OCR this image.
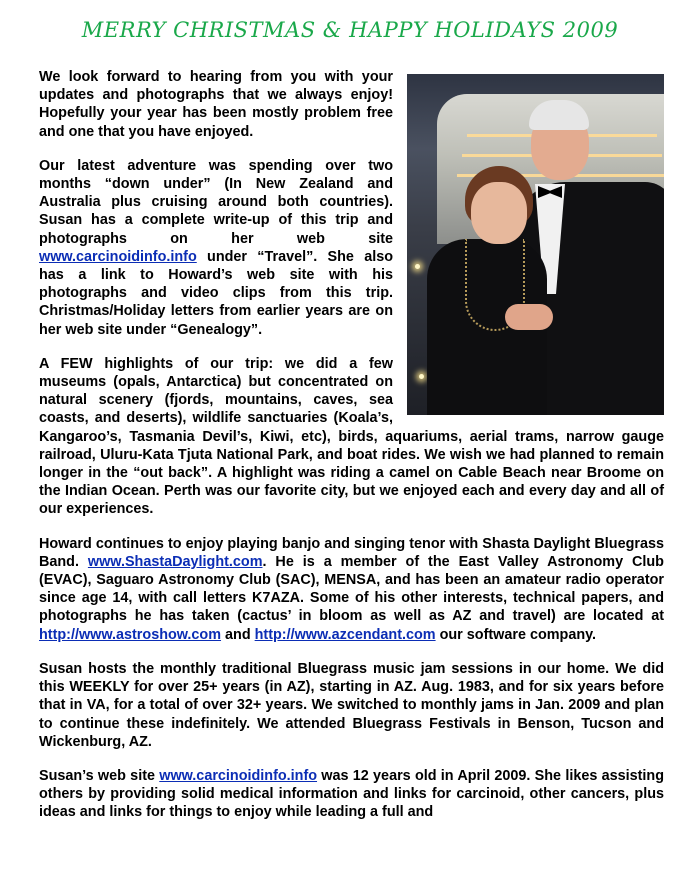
MERRY CHRISTMAS & HAPPY HOLIDAYS 2009

We look forward to hearing from you with your updates and photographs that we always enjoy! Hopefully your year has been mostly problem free and one that you have enjoyed.

Our latest adventure was spending over two months “down under” (In New Zealand and Australia plus cruising around both countries). Susan has a complete write-up of this trip and photographs on her web site www.carcinoidinfo.info under “Travel”. She also has a link to Howard’s web site with his photographs and video clips from this trip. Christmas/Holiday letters from earlier years are on her web site under “Genealogy”.

A FEW highlights of our trip: we did a few museums (opals, Antarctica) but concentrated on natural scenery (fjords, mountains, caves, sea coasts, and deserts), wildlife sanctuaries (Koala’s, Kangaroo’s, Tasmania Devil’s, Kiwi, etc), birds, aquariums, aerial trams, narrow gauge railroad, Uluru-Kata Tjuta National Park, and boat rides. We wish we had planned to remain longer in the “out back”. A highlight was riding a camel on Cable Beach near Broome on the Indian Ocean. Perth was our favorite city, but we enjoyed each and every day and all of our experiences.

Howard continues to enjoy playing banjo and singing tenor with Shasta Daylight Bluegrass Band. www.ShastaDaylight.com. He is a member of the East Valley Astronomy Club (EVAC), Saguaro Astronomy Club (SAC), MENSA, and has been an amateur radio operator since age 14, with call letters K7AZA. Some of his other interests, technical papers, and photographs he has taken (cactus’ in bloom as well as AZ and travel) are located at http://www.astroshow.com and http://www.azcendant.com our software company.

Susan hosts the monthly traditional Bluegrass music jam sessions in our home. We did this WEEKLY for over 25+ years (in AZ), starting in AZ. Aug. 1983, and for six years before that in VA, for a total of over 32+ years. We switched to monthly jams in Jan. 2009 and plan to continue these indefinitely. We attended Bluegrass Festivals in Benson, Tucson and Wickenburg, AZ.

Susan’s web site www.carcinoidinfo.info was 12 years old in April 2009. She likes assisting others by providing solid medical information and links for carcinoid, other cancers, plus ideas and links for things to enjoy while leading a full and
